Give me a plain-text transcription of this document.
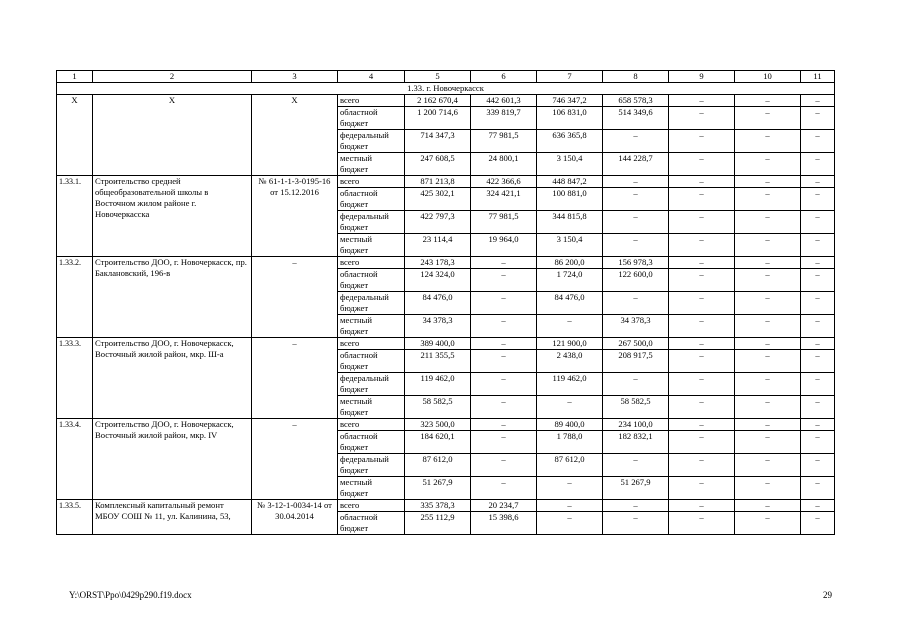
1	2	3	4	5	6	7	8	9	10	11
1.33. г. Новочеркасск										
Х	Х	Х	всего	2 162 670,4	442 601,3	746 347,2	658 578,3	–	–	–
			областной бюджет	1 200 714,6	339 819,7	106 831,0	514 349,6	–	–	–
			федеральный бюджет	714 347,3	77 981,5	636 365,8	–	–	–	–
			местный бюджет	247 608,5	24 800,1	3 150,4	144 228,7	–	–	–
1.33.1.	Строительство средней общеобразовательной школы в Восточном жилом районе г. Новочеркасска	№ 61-1-1-3-0195-16 от 15.12.2016	всего	871 213,8	422 366,6	448 847,2	–	–	–	–
			областной бюджет	425 302,1	324 421,1	100 881,0	–	–	–	–
			федеральный бюджет	422 797,3	77 981,5	344 815,8	–	–	–	–
			местный бюджет	23 114,4	19 964,0	3 150,4	–	–	–	–
1.33.2.	Строительство ДОО, г. Новочеркасск, пр. Баклановский, 196-в	–	всего	243 178,3	–	86 200,0	156 978,3	–	–	–
			областной бюджет	124 324,0	–	1 724,0	122 600,0	–	–	–
			федеральный бюджет	84 476,0	–	84 476,0	–	–	–	–
			местный бюджет	34 378,3	–	–	34 378,3	–	–	–
1.33.3.	Строительство ДОО, г. Новочеркасск, Восточный жилой район, мкр. Ш-а	–	всего	389 400,0	–	121 900,0	267 500,0	–	–	–
			областной бюджет	211 355,5	–	2 438,0	208 917,5	–	–	–
			федеральный бюджет	119 462,0	–	119 462,0	–	–	–	–
			местный бюджет	58 582,5	–	–	58 582,5	–	–	–
1.33.4.	Строительство ДОО, г. Новочеркасск, Восточный жилой район, мкр. IV	–	всего	323 500,0	–	89 400,0	234 100,0	–	–	–
			областной бюджет	184 620,1	–	1 788,0	182 832,1	–	–	–
			федеральный бюджет	87 612,0	–	87 612,0	–	–	–	–
			местный бюджет	51 267,9	–	–	51 267,9	–	–	–
1.33.5.	Комплексный капитальный ремонт МБОУ СОШ № 11, ул. Калинина, 53,	№ 3-12-1-0034-14 от 30.04.2014	всего	335 378,3	20 234,7	–	–	–	–	–
			областной бюджет	255 112,9	15 398,6	–	–	–	–	–
Y:\ORST\Ppo\0429p290.f19.docx	29
